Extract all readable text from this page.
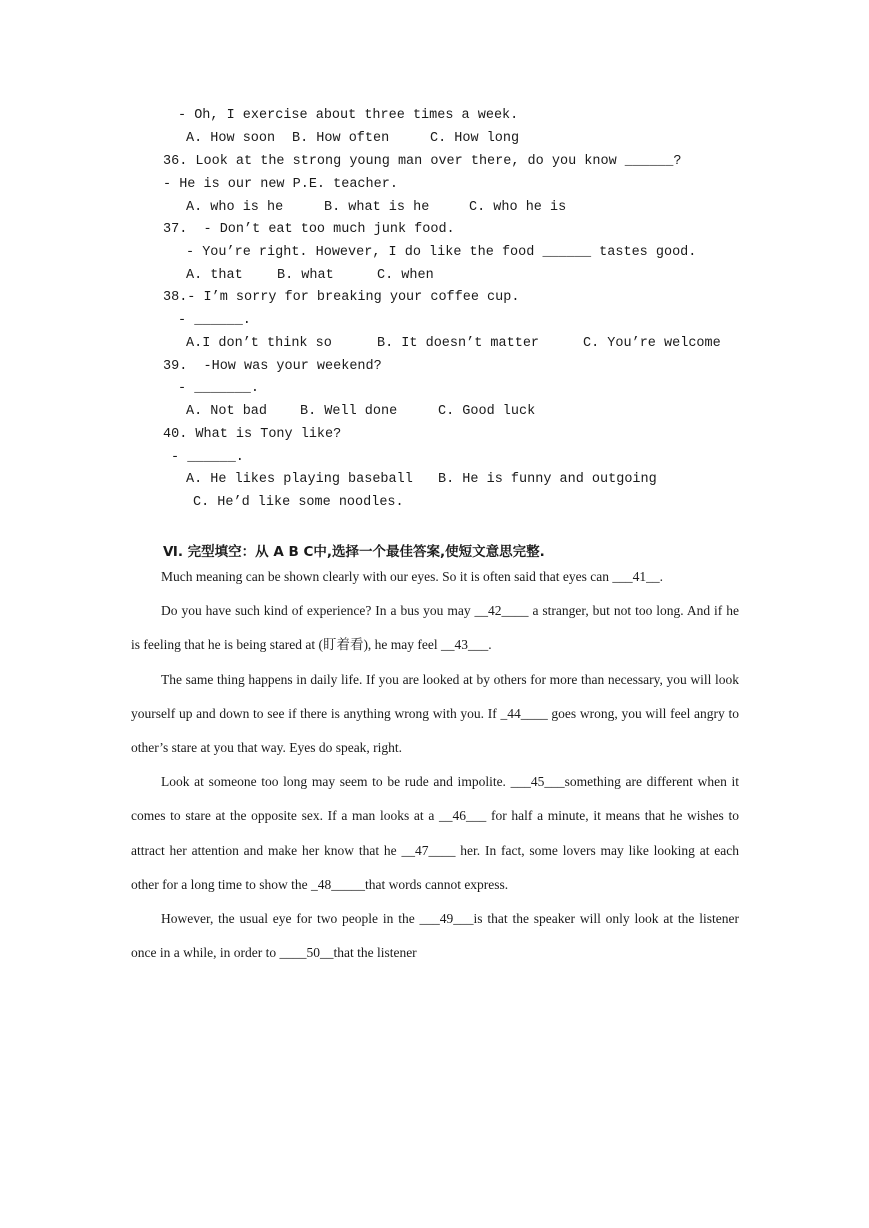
- Oh, I exercise about three times a week.
A. How soon B. How often	C. How long
36. Look at the strong young man over there, do you know ______?
- He is our new P.E. teacher.
A. who is he	B. what is he	C. who he is
37.  - Don’t eat too much junk food.
- You’re right. However, I do like the food ______ tastes good.
A. that	B. what	C. when
38.- I’m sorry for breaking your coffee cup.
- ______.
A.I don’t think so	B. It doesn’t matter	C. You’re welcome
39.  -How was your weekend?
- _______.
A. Not bad B. Well done	C. Good luck
40. What is Tony like?
- ______.
A. He likes playing baseball B. He is funny and outgoing
C. He’d like some noodles.
Ⅵ. 完型填空：从 A B C中,选择一个最佳答案,使短文意思完整.

Much meaning can be shown clearly with our eyes. So it is often said that eyes can ___41__.

Do you have such kind of experience? In a bus you may __42____ a stranger, but not too long. And if he is feeling that he is being stared at (盯着看), he may feel __43___.

The same thing happens in daily life. If you are looked at by others for more than necessary, you will look yourself up and down to see if there is anything wrong with you. If _44____ goes wrong, you will feel angry to other’s stare at you that way. Eyes do speak, right.

Look at someone too long may seem to be rude and impolite. ___45___something are different when it comes to stare at the opposite sex. If a man looks at a __46___ for half a minute, it means that he wishes to attract her attention and make her know that he __47____ her. In fact, some lovers may like looking at each other for a long time to show the _48_____that words cannot express.

However, the usual eye for two people in the ___49___is that the speaker will only look at the listener once in a while, in order to ____50__that the listener
